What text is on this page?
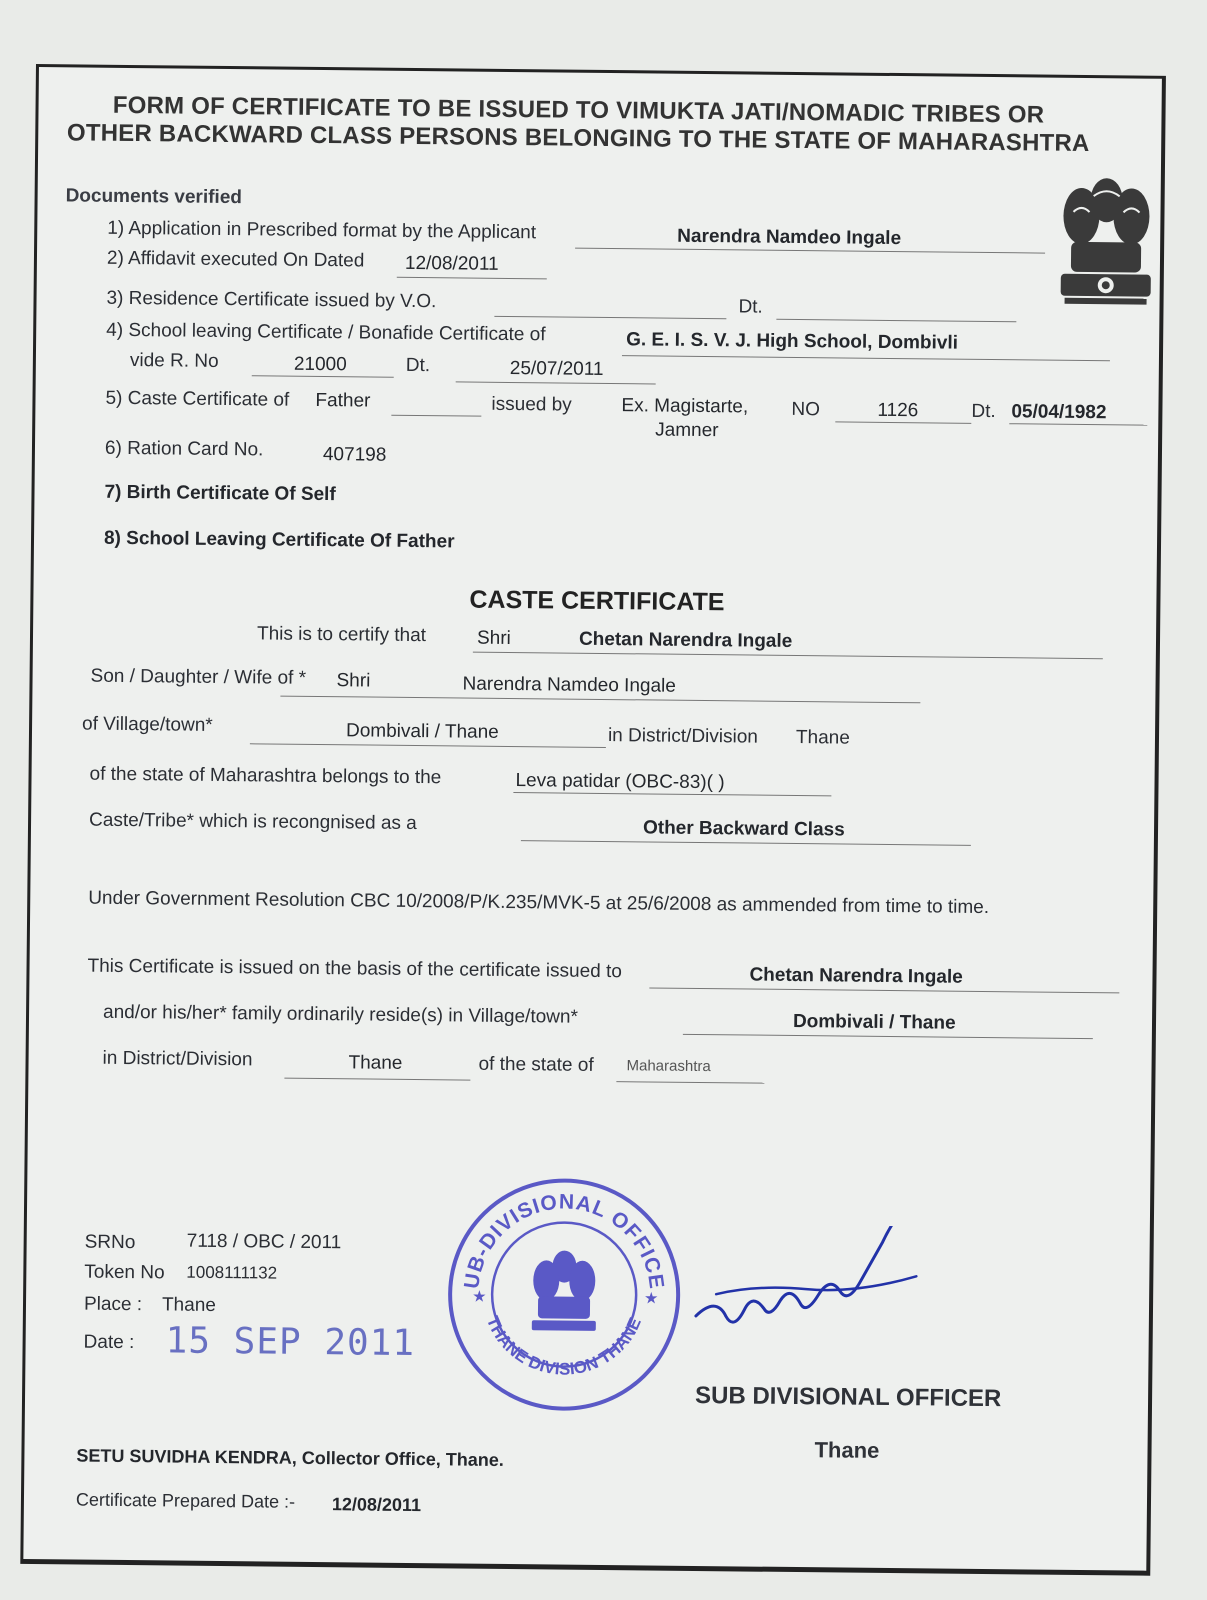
FORM OF CERTIFICATE TO BE ISSUED TO VIMUKTA JATI/NOMADIC TRIBES OR
OTHER BACKWARD CLASS PERSONS BELONGING TO THE STATE OF MAHARASHTRA
Documents verified
1) Application in Prescribed format by the Applicant	Narendra Namdeo Ingale
2) Affidavit executed On Dated 12/08/2011
3) Residence Certificate issued by V.O.	Dt.
4) School leaving Certificate / Bonafide Certificate of	G. E. I. S. V. J. High School, Dombivli
vide R. No	21000	Dt.	25/07/2011
5) Caste Certificate of Father	issued by	Ex. Magistarte,
Jamner
NO	1126	Dt. 05/04/1982
6) Ration Card No.	407198
7) Birth Certificate Of Self
8) School Leaving Certificate Of Father
CASTE CERTIFICATE
This is to certify that	Shri	Chetan Narendra Ingale
Son / Daughter / Wife of * Shri	Narendra Namdeo Ingale
of Village/town*	Dombivali / Thane	in District/Division Thane
of the state of Maharashtra belongs to the	Leva patidar (OBC-83)( )
Caste/Tribe* which is recongnised as a	Other Backward Class
Under Government Resolution CBC 10/2008/P/K.235/MVK-5 at 25/6/2008 as ammended from time to time.
This Certificate is issued on the basis of the certificate issued to	Chetan Narendra Ingale
and/or his/her* family ordinarily reside(s) in Village/town*	Dombivali / Thane
in District/Division	Thane	of the state of Maharashtra
SRNo	7118 / OBC / 2011
Token No 1008111132
Place : Thane
Date : 15 SEP 2011
SUB-DIVISIONAL OFFICER
THANE DIVISION THANE
★	★
SUB DIVISIONAL OFFICER
Thane
SETU SUVIDHA KENDRA, Collector Office, Thane.
Certificate Prepared Date :- 12/08/2011
